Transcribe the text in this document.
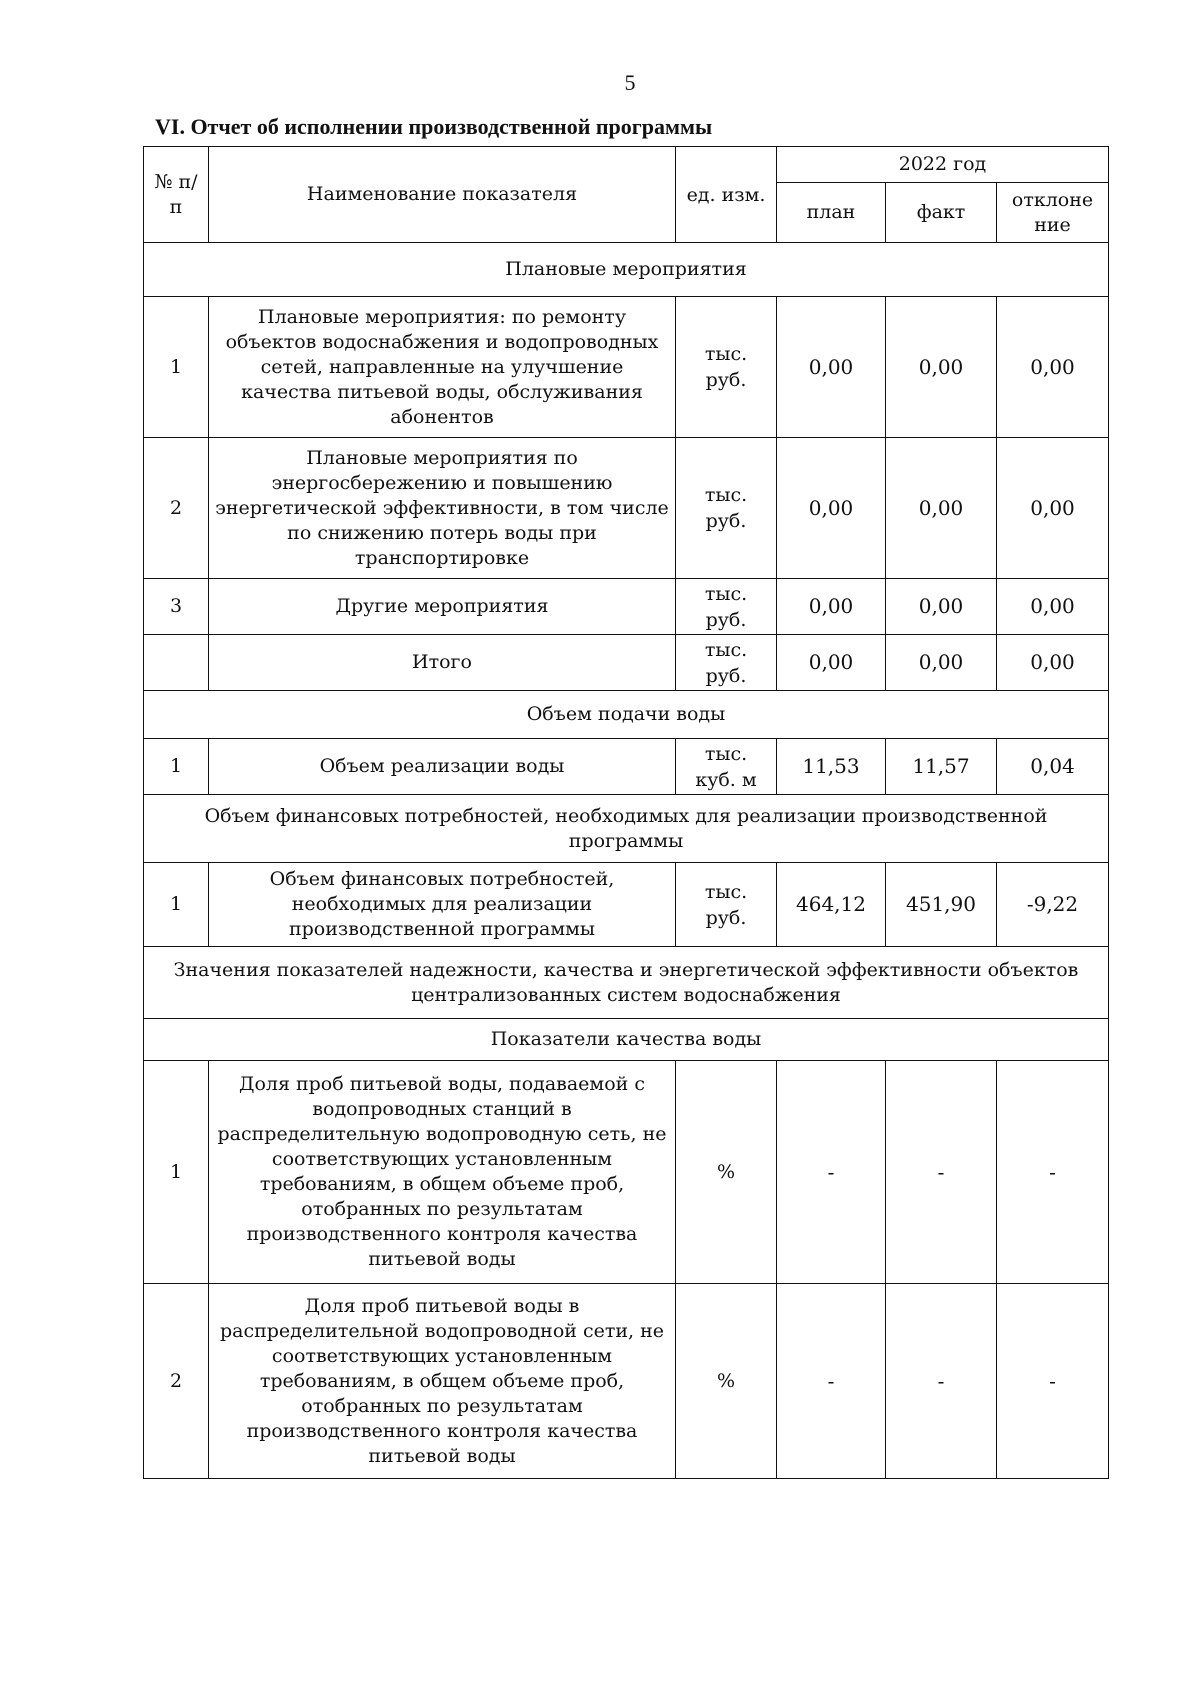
5
VI. Отчет об исполнении производственной программы
№ п/п	Наименование показателя	ед. изм.	2022 год		
			план	факт	отклоне ние
Плановые мероприятия					
1	Плановые мероприятия: по ремонту объектов водоснабжения и водопроводных сетей, направленные на улучшение качества питьевой воды, обслуживания абонентов	тыс. руб.	0,00	0,00	0,00
2	Плановые мероприятия по энергосбережению и повышению энергетической эффективности, в том числе по снижению потерь воды при транспортировке	тыс. руб.	0,00	0,00	0,00
3	Другие мероприятия	тыс. руб.	0,00	0,00	0,00
	Итого	тыс. руб.	0,00	0,00	0,00
Объем подачи воды					
1	Объем реализации воды	тыс. куб. м	11,53	11,57	0,04
Объем финансовых потребностей, необходимых для реализации производственной программы					
1	Объем финансовых потребностей, необходимых для реализации производственной программы	тыс. руб.	464,12	451,90	-9,22
Значения показателей надежности, качества и энергетической эффективности объектов централизованных систем водоснабжения					
Показатели качества воды					
1	Доля проб питьевой воды, подаваемой с водопроводных станций в распределительную водопроводную сеть, не соответствующих установленным требованиям, в общем объеме проб, отобранных по результатам производственного контроля качества питьевой воды	%	-	-	-
2	Доля проб питьевой воды в распределительной водопроводной сети, не соответствующих установленным требованиям, в общем объеме проб, отобранных по результатам производственного контроля качества питьевой воды	%	-	-	-
